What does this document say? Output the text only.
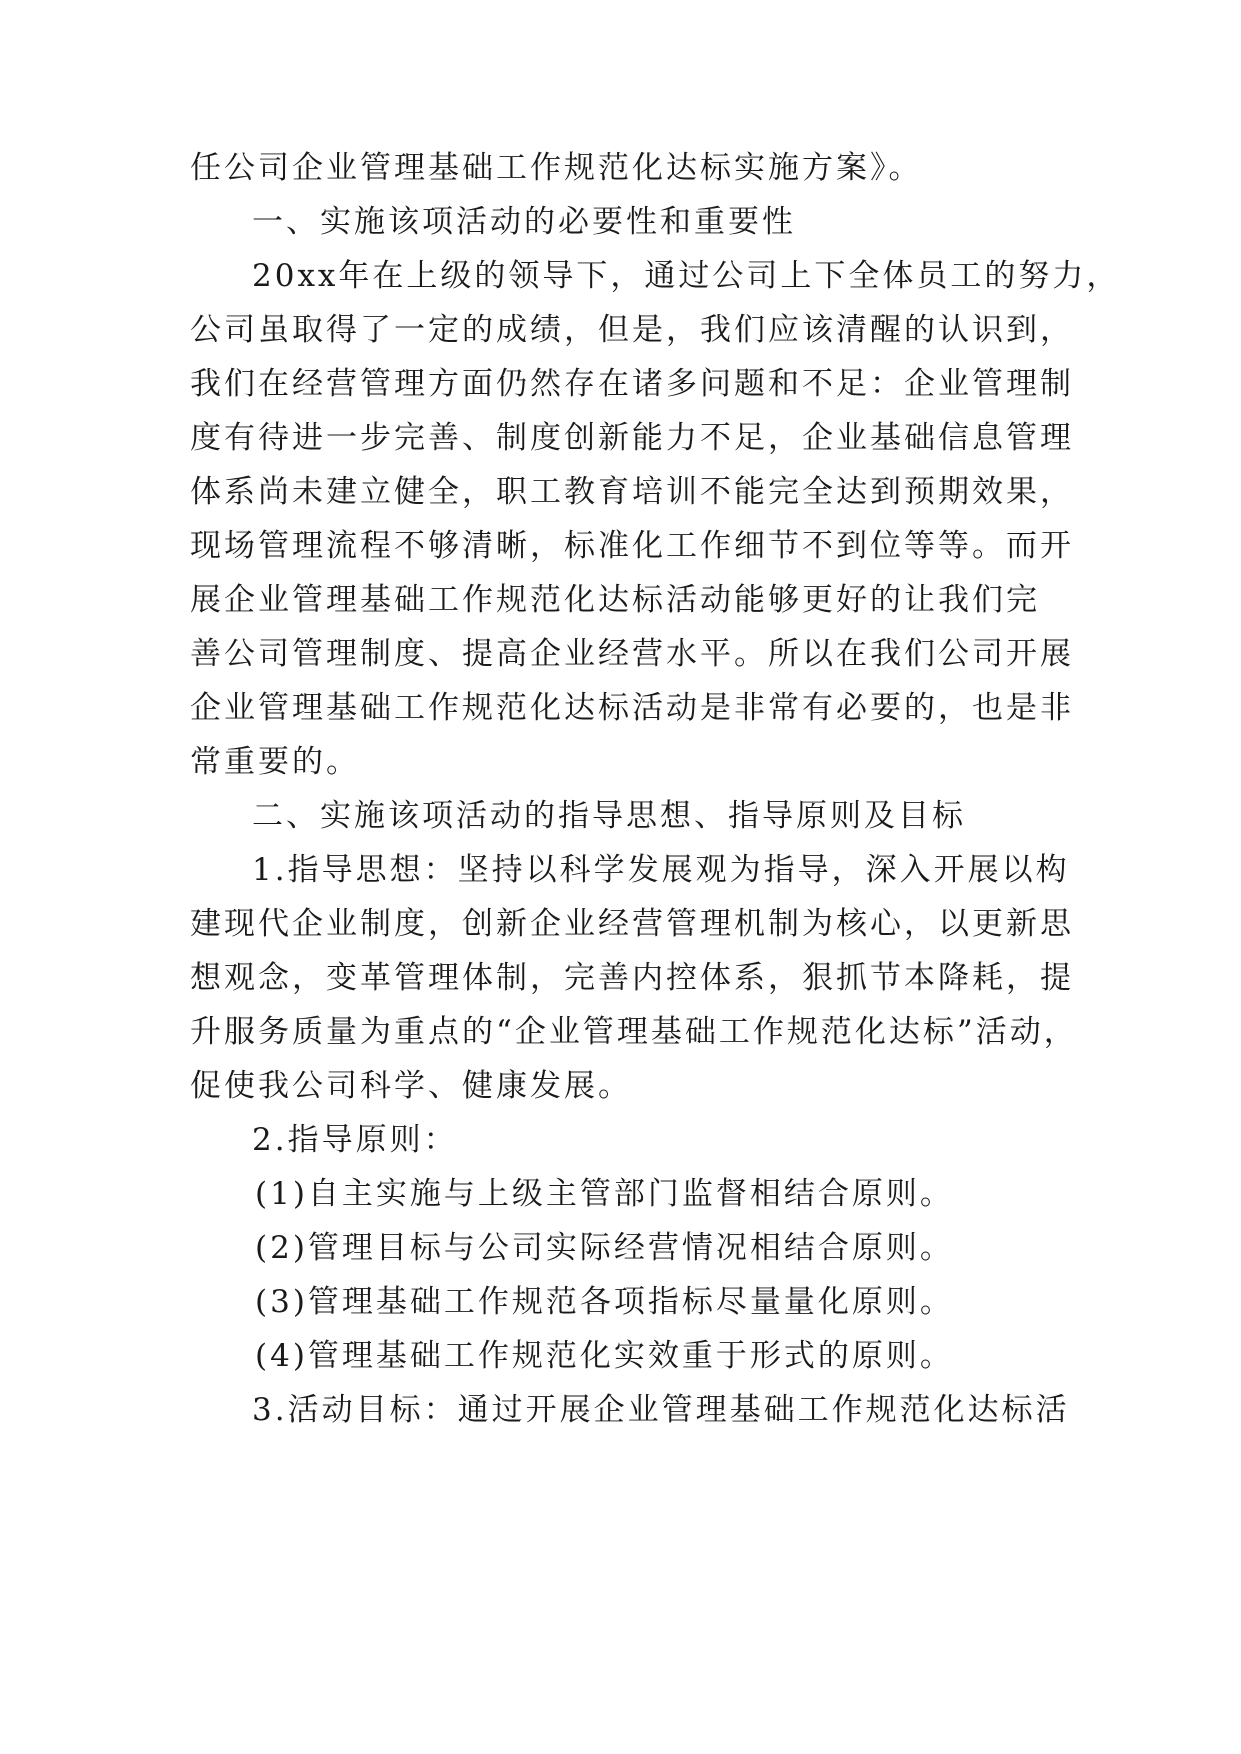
任公司企业管理基础工作规范化达标实施方案》。
一、实施该项活动的必要性和重要性
20xx年在上级的领导下，通过公司上下全体员工的努力，
公司虽取得了一定的成绩，但是，我们应该清醒的认识到，
我们在经营管理方面仍然存在诸多问题和不足：企业管理制
度有待进一步完善、制度创新能力不足，企业基础信息管理
体系尚未建立健全，职工教育培训不能完全达到预期效果，
现场管理流程不够清晰，标准化工作细节不到位等等。而开
展企业管理基础工作规范化达标活动能够更好的让我们完
善公司管理制度、提高企业经营水平。所以在我们公司开展
企业管理基础工作规范化达标活动是非常有必要的，也是非
常重要的。
二、实施该项活动的指导思想、指导原则及目标
1.指导思想：坚持以科学发展观为指导，深入开展以构
建现代企业制度，创新企业经营管理机制为核心，以更新思
想观念，变革管理体制，完善内控体系，狠抓节本降耗，提
升服务质量为重点的“企业管理基础工作规范化达标”活动，
促使我公司科学、健康发展。
2.指导原则：
(1)自主实施与上级主管部门监督相结合原则。
(2)管理目标与公司实际经营情况相结合原则。
(3)管理基础工作规范各项指标尽量量化原则。
(4)管理基础工作规范化实效重于形式的原则。
3.活动目标：通过开展企业管理基础工作规范化达标活
